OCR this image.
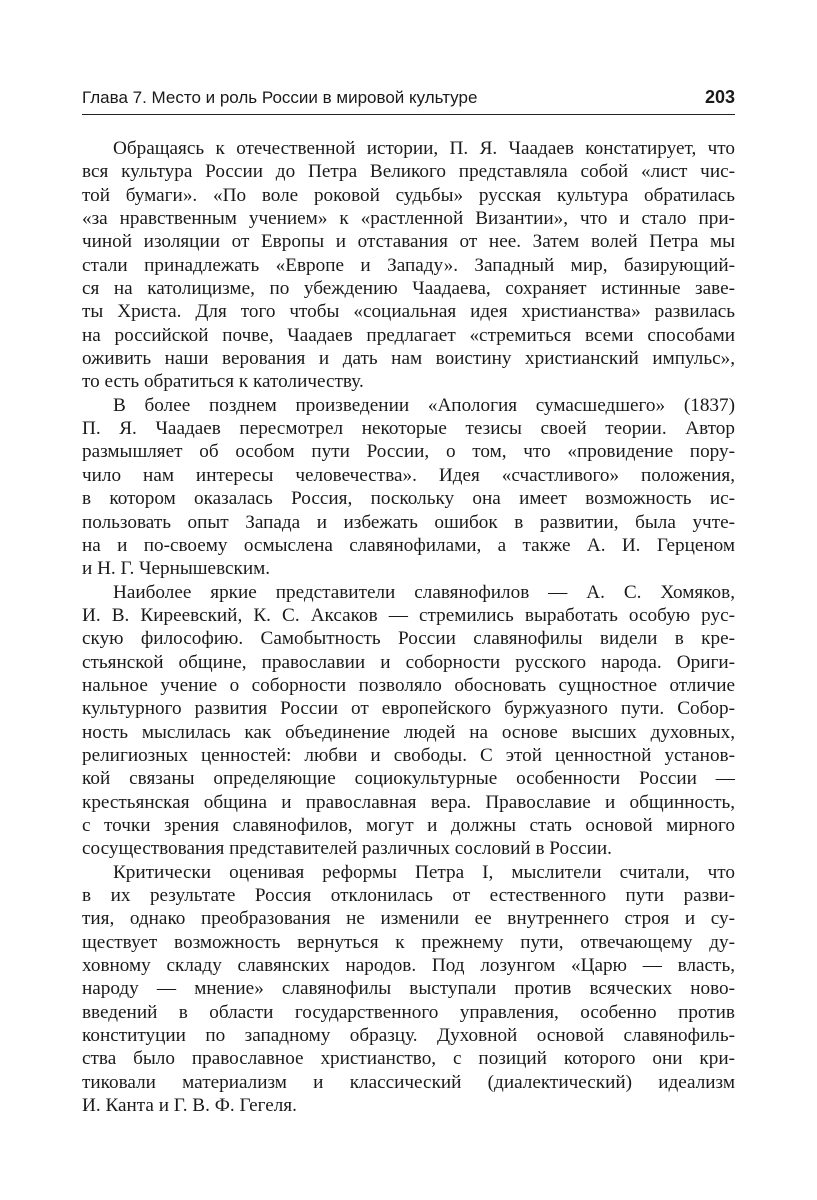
Глава 7. Место и роль России в мировой культуре	203
Обращаясь к отечественной истории, П. Я. Чаадаев констатирует, что
вся культура России до Петра Великого представляла собой «лист чис-
той бумаги». «По воле роковой судьбы» русская культура обратилась
«за нравственным учением» к «растленной Византии», что и стало при-
чиной изоляции от Европы и отставания от нее. Затем волей Петра мы
стали принадлежать «Европе и Западу». Западный мир, базирующий-
ся на католицизме, по убеждению Чаадаева, сохраняет истинные заве-
ты Христа. Для того чтобы «социальная идея христианства» развилась
на российской почве, Чаадаев предлагает «стремиться всеми способами
оживить наши верования и дать нам воистину христианский импульс»,
то есть обратиться к католичеству.
В более позднем произведении «Апология сумасшедшего» (1837)
П. Я. Чаадаев пересмотрел некоторые тезисы своей теории. Автор
размышляет об особом пути России, о том, что «провидение пору-
чило нам интересы человечества». Идея «счастливого» положения,
в котором оказалась Россия, поскольку она имеет возможность ис-
пользовать опыт Запада и избежать ошибок в развитии, была учте-
на и по-своему осмыслена славянофилами, а также А. И. Герценом
и Н. Г. Чернышевским.
Наиболее яркие представители славянофилов — А. С. Хомяков,
И. В. Киреевский, К. С. Аксаков — стремились выработать особую рус-
скую философию. Самобытность России славянофилы видели в кре-
стьянской общине, православии и соборности русского народа. Ориги-
нальное учение о соборности позволяло обосновать сущностное отличие
культурного развития России от европейского буржуазного пути. Собор-
ность мыслилась как объединение людей на основе высших духовных,
религиозных ценностей: любви и свободы. С этой ценностной установ-
кой связаны определяющие социокультурные особенности России —
крестьянская община и православная вера. Православие и общинность,
с точки зрения славянофилов, могут и должны стать основой мирного
сосуществования представителей различных сословий в России.
Критически оценивая реформы Петра I, мыслители считали, что
в их результате Россия отклонилась от естественного пути разви-
тия, однако преобразования не изменили ее внутреннего строя и су-
ществует возможность вернуться к прежнему пути, отвечающему ду-
ховному складу славянских народов. Под лозунгом «Царю — власть,
народу — мнение» славянофилы выступали против всяческих ново-
введений в области государственного управления, особенно против
конституции по западному образцу. Духовной основой славянофиль-
ства было православное христианство, с позиций которого они кри-
тиковали материализм и классический (диалектический) идеализм
И. Канта и Г. В. Ф. Гегеля.
